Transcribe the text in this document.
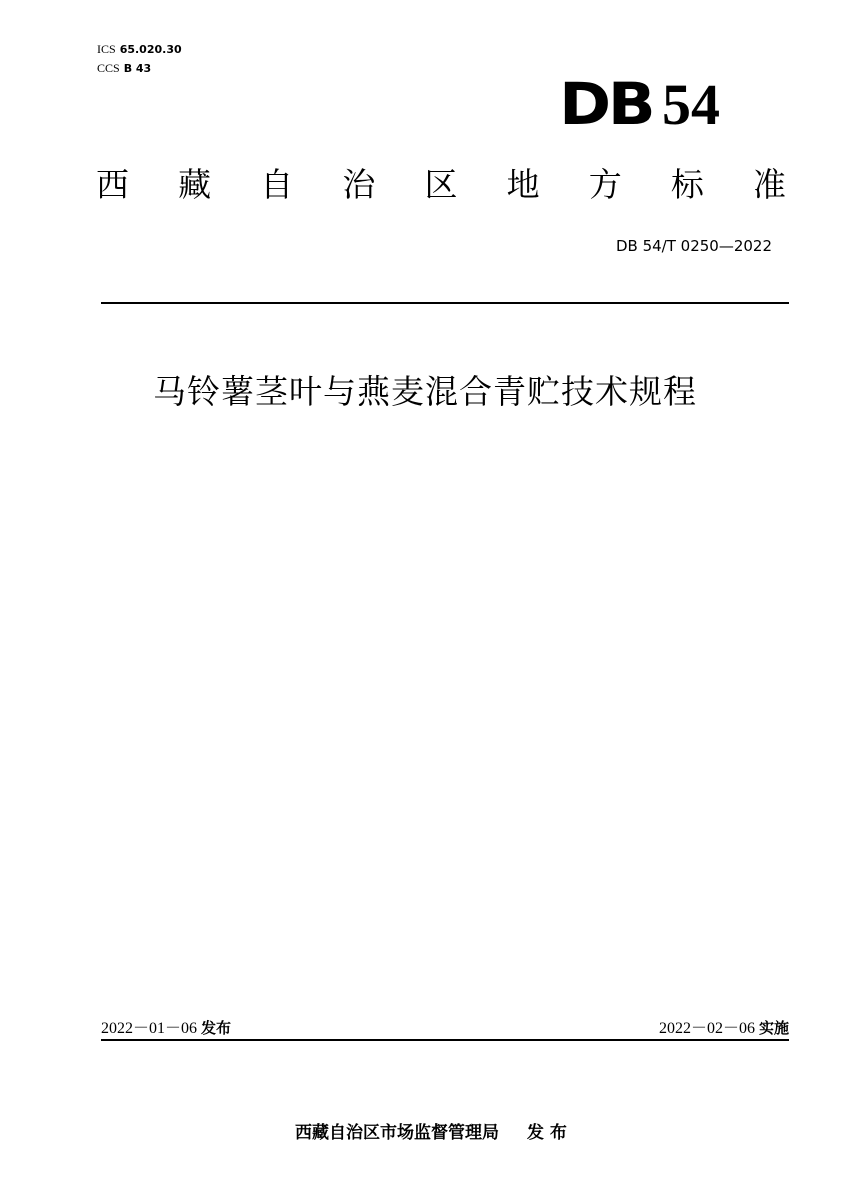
ICS 65.020.30
CCS B 43
DB 54
西 藏 自 治 区 地 方 标 准
DB 54/T 0250—2022
马铃薯茎叶与燕麦混合青贮技术规程
2022－01－06 发布	2022－02－06 实施

西藏自治区市场监督管理局 发 布
